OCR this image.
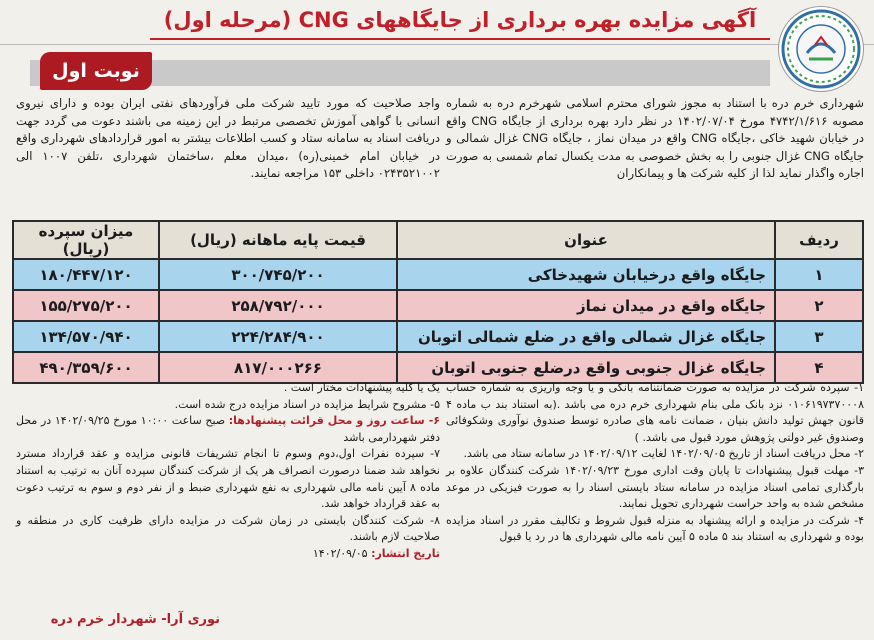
آگهی مزایده بهره برداری از جایگاههای CNG (مرحله اول)
نوبت اول
شهرداری خرم دره با استناد به مجوز شورای محترم اسلامی شهرخرم دره به شماره مصوبه ۴۷۴۲/۱/۶۱۶ مورخ ۱۴۰۲/۰۷/۰۴ در نظر دارد بهره برداری از جایگاه CNG واقع در خیابان شهید خاکی ،جایگاه CNG واقع در میدان نماز ، جایگاه CNG غزال شمالی و جایگاه CNG غزال جنوبی را به بخش خصوصی به مدت یکسال تمام شمسی به صورت اجاره واگذار نماید لذا از کلیه شرکت ها و پیمانکاران
واجد صلاحیت که مورد تایید شرکت ملی فرآوردهای نفتی ایران بوده و دارای نیروی انسانی با گواهی آموزش تخصصی مرتبط در این زمینه می باشند دعوت می گردد جهت دریافت اسناد به سامانه ستاد و کسب اطلاعات بیشتر به امور قراردادهای شهرداری واقع در خیابان امام خمینی(ره) ،میدان معلم ،ساختمان شهرداری ،تلفن ۱۰۰۷ الی ۰۲۴۳۵۲۱۰۰۲ داخلی ۱۵۳ مراجعه نمایند.
ردیف	عنوان	قیمت پایه ماهانه (ریال)	میزان سپرده (ریال)
۱	جایگاه واقع درخیابان شهیدخاکی	۳۰۰/۷۴۵/۲۰۰	۱۸۰/۴۴۷/۱۲۰
۲	جایگاه واقع در میدان نماز	۲۵۸/۷۹۲/۰۰۰	۱۵۵/۲۷۵/۲۰۰
۳	جایگاه غزال شمالی واقع در ضلع شمالی اتوبان	۲۲۴/۲۸۴/۹۰۰	۱۳۴/۵۷۰/۹۴۰
۴	جایگاه غزال جنوبی واقع درضلع جنوبی اتوبان	۸۱۷/۰۰۰۲۶۶	۴۹۰/۳۵۹/۶۰۰

۱- سپرده شرکت در مزایده به صورت ضمانتنامه بانکی و یا وجه واریزی به شماره حساب ۰۱۰۶۱۹۷۳۷۰۰۰۸ نزد بانک ملی بنام شهرداری خرم دره می باشد .(به استناد بند ب ماده ۴ قانون جهش تولید دانش بنیان ، ضمانت نامه های صادره توسط صندوق نوآوری وشکوفائی وصندوق غیر دولتی پژوهش مورد قبول می باشد. )

۲- محل دریافت اسناد از تاریخ ۱۴۰۲/۰۹/۰۵ لغایت ۱۴۰۲/۰۹/۱۲ در سامانه ستاد می باشد.

۳- مهلت قبول پیشنهادات تا پایان وقت اداری مورخ ۱۴۰۲/۰۹/۲۳ شرکت کنندگان علاوه بر بارگذاری تمامی اسناد مزایده در سامانه ستاد بایستی اسناد را به صورت فیزیکی در موعد مشخص شده به واحد حراست شهرداری تحویل نمایند.

۴- شرکت در مزایده و ارائه پیشنهاد به منزله قبول شروط و تکالیف مقرر در اسناد مزایده بوده و شهرداری به استناد بند ۵ ماده ۵ آیین نامه مالی شهرداری ها در رد یا قبول

یک یا کلیه پیشنهادات مختار است .

۵- مشروح شرایط مزایده در اسناد مزایده درج شده است.

۶- ساعت روز و محل قرائت پیشنهادها: صبح ساعت ۱۰:۰۰ مورخ ۱۴۰۲/۰۹/۲۵ در محل دفتر شهردارمی باشد

۷- سپرده نفرات اول،دوم وسوم تا انجام تشریفات قانونی مزایده و عقد قرارداد مسترد نخواهد شد ضمنا درصورت انصراف هر یک از شرکت کنندگان سپرده آنان به ترتیب به استناد ماده ۸ آیین نامه مالی شهرداری به نفع شهرداری ضبط و از نفر دوم و سوم به ترتیب دعوت به عقد قرارداد خواهد شد.

۸- شرکت کنندگان بایستی در زمان شرکت در مزایده دارای ظرفیت کاری در منطقه و صلاحیت لازم باشند.

تاریخ انتشار: ۱۴۰۲/۰۹/۰۵

نوری آرا- شهردار خرم دره
